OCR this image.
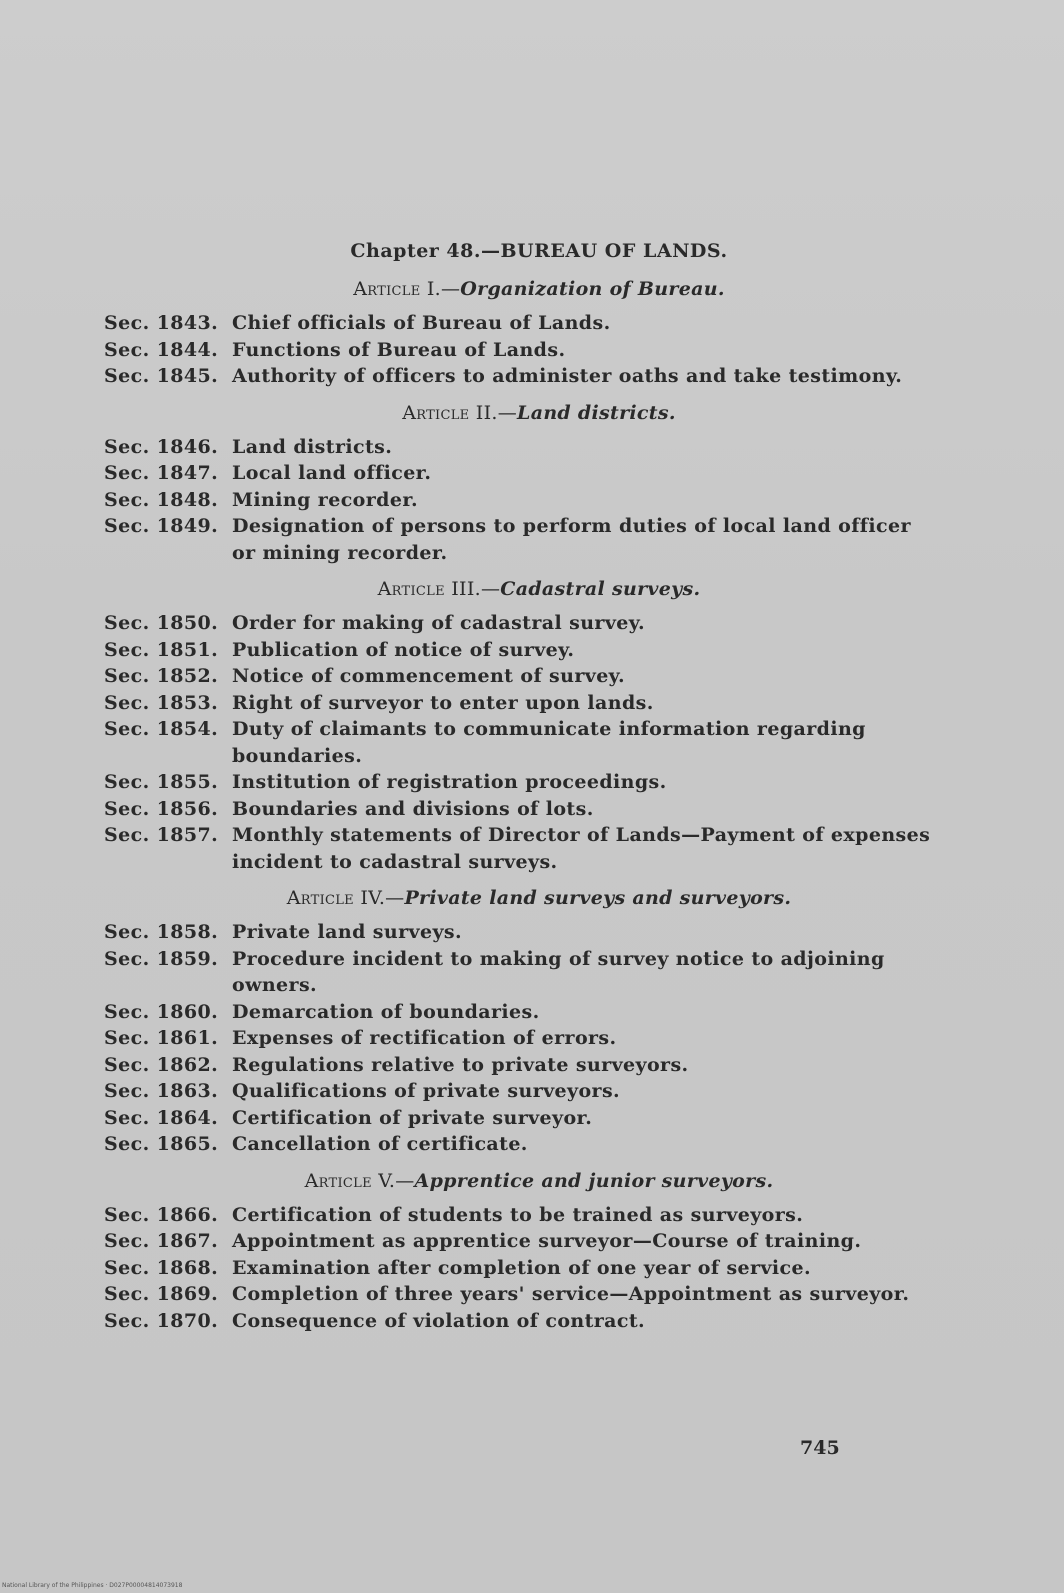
Chapter 48.—BUREAU OF LANDS.
Article I.—Organization of Bureau.
Sec. 1843. Chief officials of Bureau of Lands.
Sec. 1844. Functions of Bureau of Lands.
Sec. 1845. Authority of officers to administer oaths and take testimony.
Article II.—Land districts.
Sec. 1846. Land districts.
Sec. 1847. Local land officer.
Sec. 1848. Mining recorder.
Sec. 1849. Designation of persons to perform duties of local land officer or mining recorder.
Article III.—Cadastral surveys.
Sec. 1850. Order for making of cadastral survey.
Sec. 1851. Publication of notice of survey.
Sec. 1852. Notice of commencement of survey.
Sec. 1853. Right of surveyor to enter upon lands.
Sec. 1854. Duty of claimants to communicate information regarding boundaries.
Sec. 1855. Institution of registration proceedings.
Sec. 1856. Boundaries and divisions of lots.
Sec. 1857. Monthly statements of Director of Lands—Payment of expenses incident to cadastral surveys.
Article IV.—Private land surveys and surveyors.
Sec. 1858. Private land surveys.
Sec. 1859. Procedure incident to making of survey notice to adjoining owners.
Sec. 1860. Demarcation of boundaries.
Sec. 1861. Expenses of rectification of errors.
Sec. 1862. Regulations relative to private surveyors.
Sec. 1863. Qualifications of private surveyors.
Sec. 1864. Certification of private surveyor.
Sec. 1865. Cancellation of certificate.
Article V.—Apprentice and junior surveyors.
Sec. 1866. Certification of students to be trained as surveyors.
Sec. 1867. Appointment as apprentice surveyor—Course of training.
Sec. 1868. Examination after completion of one year of service.
Sec. 1869. Completion of three years' service—Appointment as surveyor.
Sec. 1870. Consequence of violation of contract.
745
National Library of the Philippines · D027P00004814073918
